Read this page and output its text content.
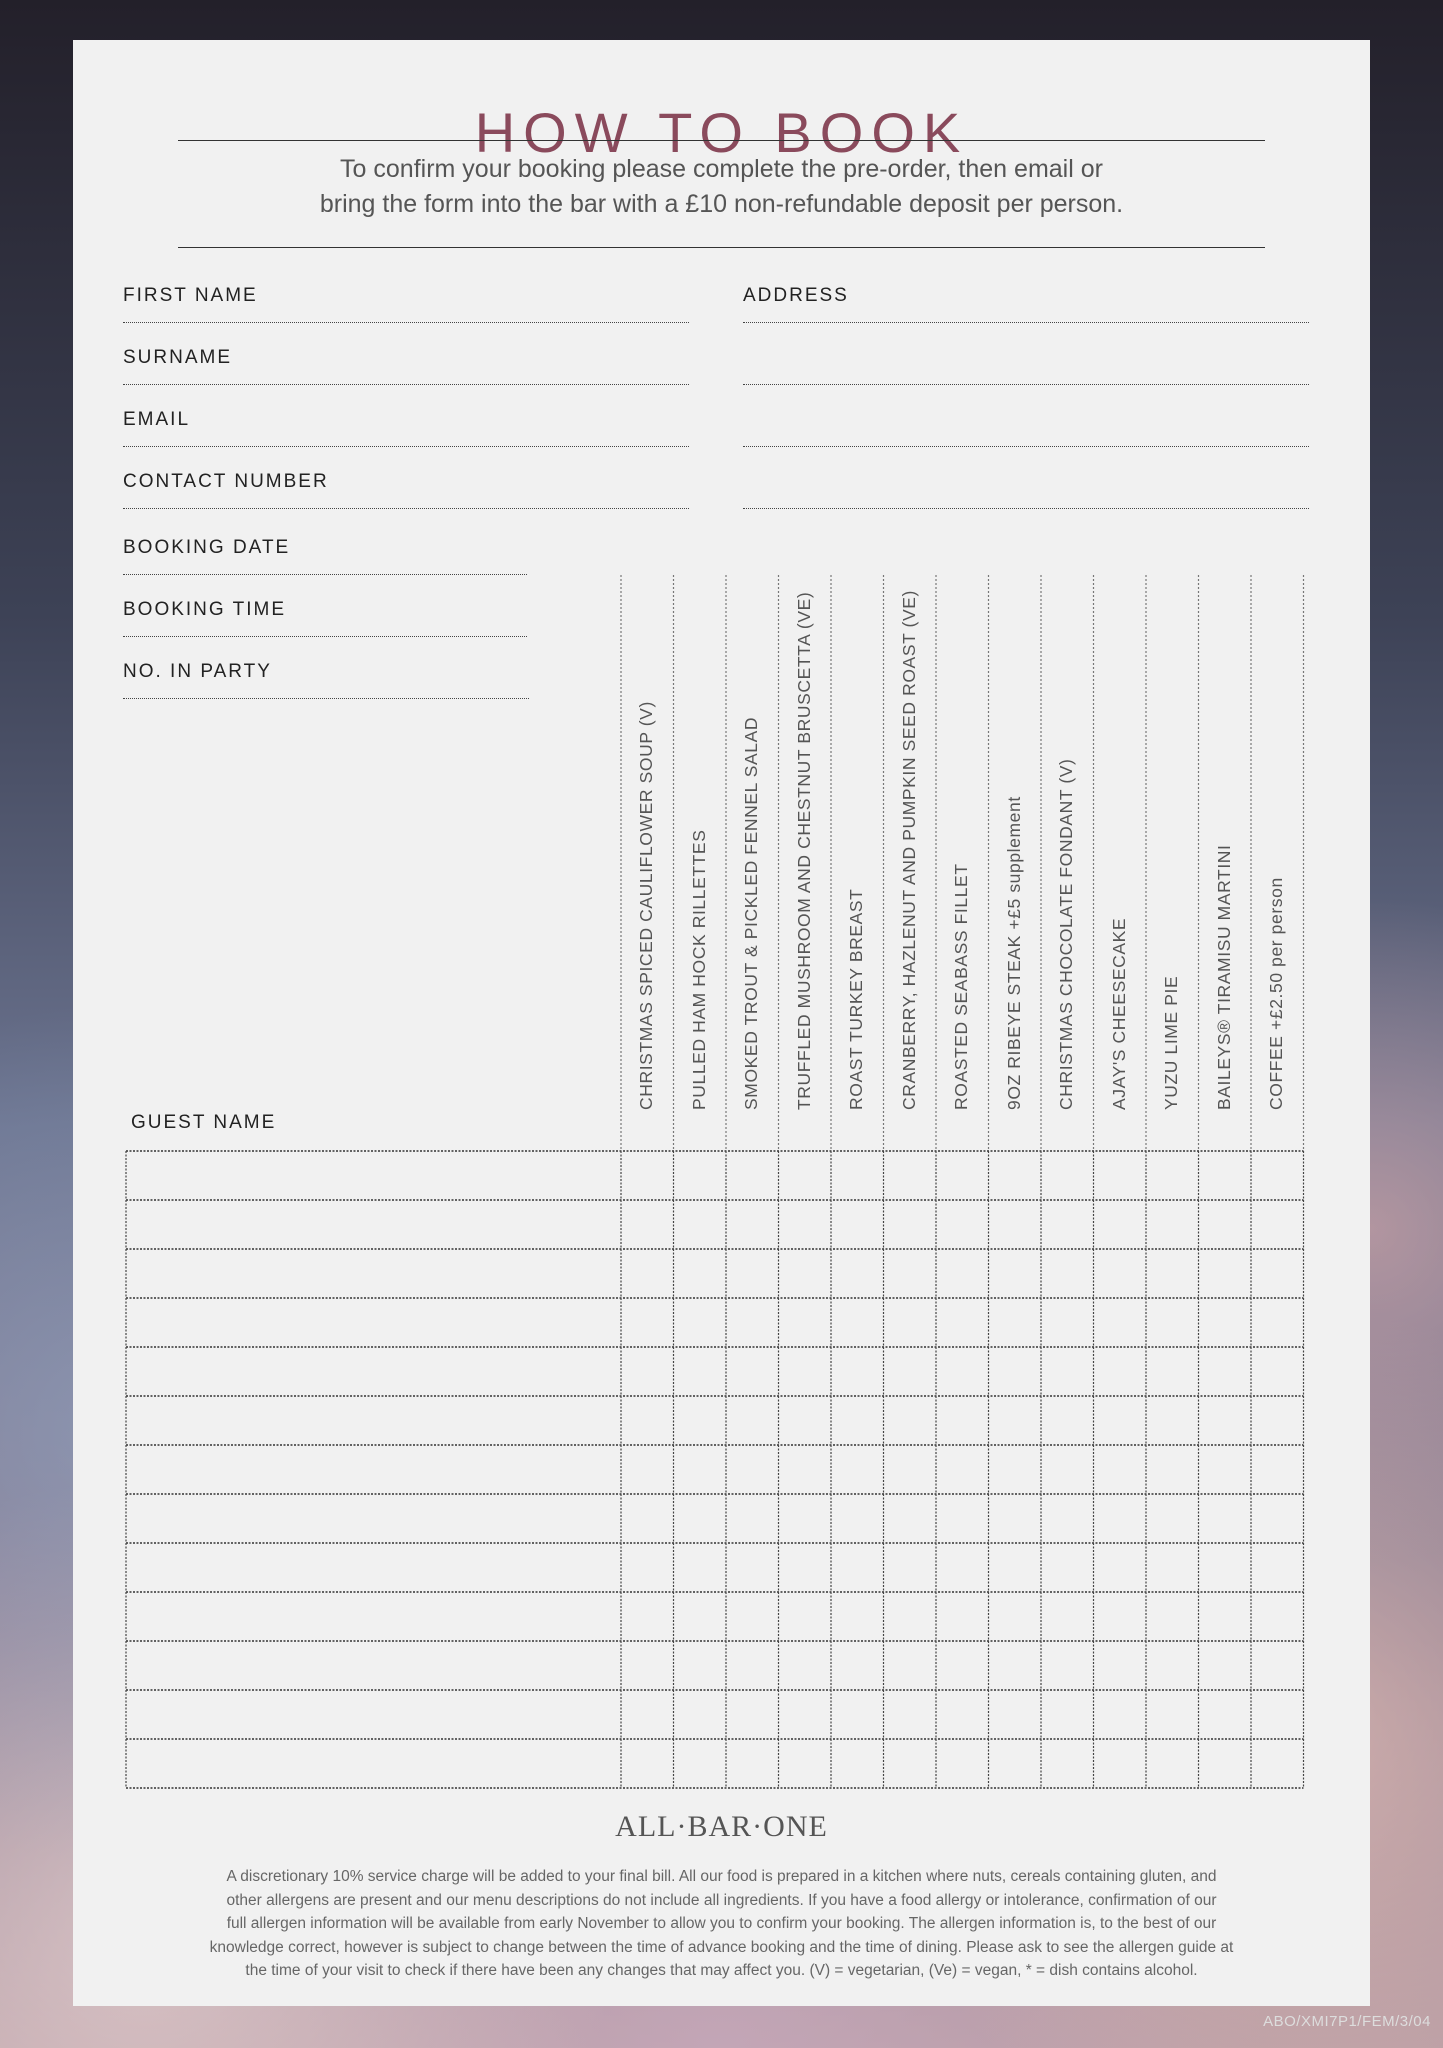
HOW TO BOOK
To confirm your booking please complete the pre-order, then email or
bring the form into the bar with a £10 non-refundable deposit per person.
FIRST NAME
SURNAME
EMAIL
CONTACT NUMBER
ADDRESS
BOOKING DATE
BOOKING TIME
NO. IN PARTY
GUEST NAME
ALL·BAR·ONE
A discretionary 10% service charge will be added to your final bill. All our food is prepared in a kitchen where nuts, cereals containing gluten, and
other allergens are present and our menu descriptions do not include all ingredients. If you have a food allergy or intolerance, confirmation of our
full allergen information will be available from early November to allow you to confirm your booking. The allergen information is, to the best of our
knowledge correct, however is subject to change between the time of advance booking and the time of dining. Please ask to see the allergen guide at
the time of your visit to check if there have been any changes that may affect you. (V) = vegetarian, (Ve) = vegan, * = dish contains alcohol.
CHRISTMAS SPICED CAULIFLOWER SOUP (V) PULLED HAM HOCK RILLETTES SMOKED TROUT & PICKLED FENNEL SALAD TRUFFLED MUSHROOM AND CHESTNUT BRUSCETTA (VE) ROAST TURKEY BREAST CRANBERRY, HAZLENUT AND PUMPKIN SEED ROAST (VE) ROASTED SEABASS FILLET 9OZ RIBEYE STEAK +£5 supplement CHRISTMAS CHOCOLATE FONDANT (V) AJAY'S CHEESECAKE YUZU LIME PIE BAILEYS® TIRAMISU MARTINI COFFEE +£2.50 per person
ABO/XMI7P1/FEM/3/04
